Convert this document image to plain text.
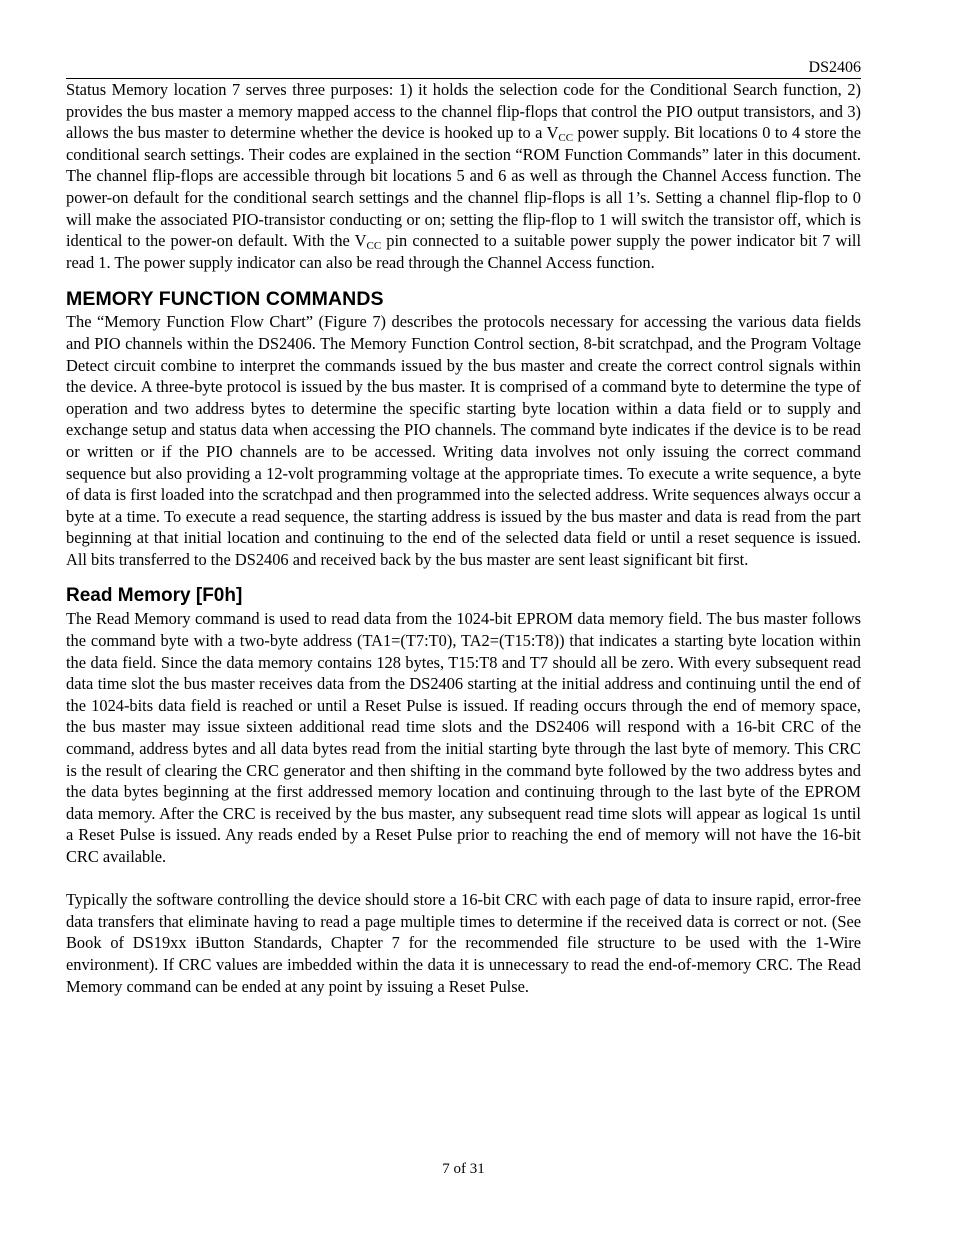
DS2406

Status Memory location 7 serves three purposes: 1) it holds the selection code for the Conditional Search function, 2) provides the bus master a memory mapped access to the channel flip-flops that control the PIO output transistors, and 3) allows the bus master to determine whether the device is hooked up to a $V_{CC}$ power supply. Bit locations 0 to 4 store the conditional search settings. Their codes are explained in the section “ROM Function Commands” later in this document. The channel flip-flops are accessible through bit locations 5 and 6 as well as through the Channel Access function. The power-on default for the conditional search settings and the channel flip-flops is all 1’s. Setting a channel flip-flop to 0 will make the associated PIO-transistor conducting or on; setting the flip-flop to 1 will switch the transistor off, which is identical to the power-on default. With the $V_{CC}$ pin connected to a suitable power supply the power indicator bit 7 will read 1. The power supply indicator can also be read through the Channel Access function.

MEMORY FUNCTION COMMANDS

The “Memory Function Flow Chart” (Figure 7) describes the protocols necessary for accessing the various data fields and PIO channels within the DS2406. The Memory Function Control section, 8-bit scratchpad, and the Program Voltage Detect circuit combine to interpret the commands issued by the bus master and create the correct control signals within the device. A three-byte protocol is issued by the bus master. It is comprised of a command byte to determine the type of operation and two address bytes to determine the specific starting byte location within a data field or to supply and exchange setup and status data when accessing the PIO channels. The command byte indicates if the device is to be read or written or if the PIO channels are to be accessed. Writing data involves not only issuing the correct command sequence but also providing a 12-volt programming voltage at the appropriate times. To execute a write sequence, a byte of data is first loaded into the scratchpad and then programmed into the selected address. Write sequences always occur a byte at a time. To execute a read sequence, the starting address is issued by the bus master and data is read from the part beginning at that initial location and continuing to the end of the selected data field or until a reset sequence is issued. All bits transferred to the DS2406 and received back by the bus master are sent least significant bit first.

Read Memory [F0h]

The Read Memory command is used to read data from the 1024-bit EPROM data memory field. The bus master follows the command byte with a two-byte address (TA1=(T7:T0), TA2=(T15:T8)) that indicates a starting byte location within the data field. Since the data memory contains 128 bytes, T15:T8 and T7 should all be zero. With every subsequent read data time slot the bus master receives data from the DS2406 starting at the initial address and continuing until the end of the 1024-bits data field is reached or until a Reset Pulse is issued. If reading occurs through the end of memory space, the bus master may issue sixteen additional read time slots and the DS2406 will respond with a 16-bit CRC of the command, address bytes and all data bytes read from the initial starting byte through the last byte of memory. This CRC is the result of clearing the CRC generator and then shifting in the command byte followed by the two address bytes and the data bytes beginning at the first addressed memory location and continuing through to the last byte of the EPROM data memory. After the CRC is received by the bus master, any subsequent read time slots will appear as logical 1s until a Reset Pulse is issued. Any reads ended by a Reset Pulse prior to reaching the end of memory will not have the 16-bit CRC available.

Typically the software controlling the device should store a 16-bit CRC with each page of data to insure rapid, error-free data transfers that eliminate having to read a page multiple times to determine if the received data is correct or not. (See Book of DS19xx iButton Standards, Chapter 7 for the recommended file structure to be used with the 1-Wire environment). If CRC values are imbedded within the data it is unnecessary to read the end-of-memory CRC. The Read Memory command can be ended at any point by issuing a Reset Pulse.

7 of 31
